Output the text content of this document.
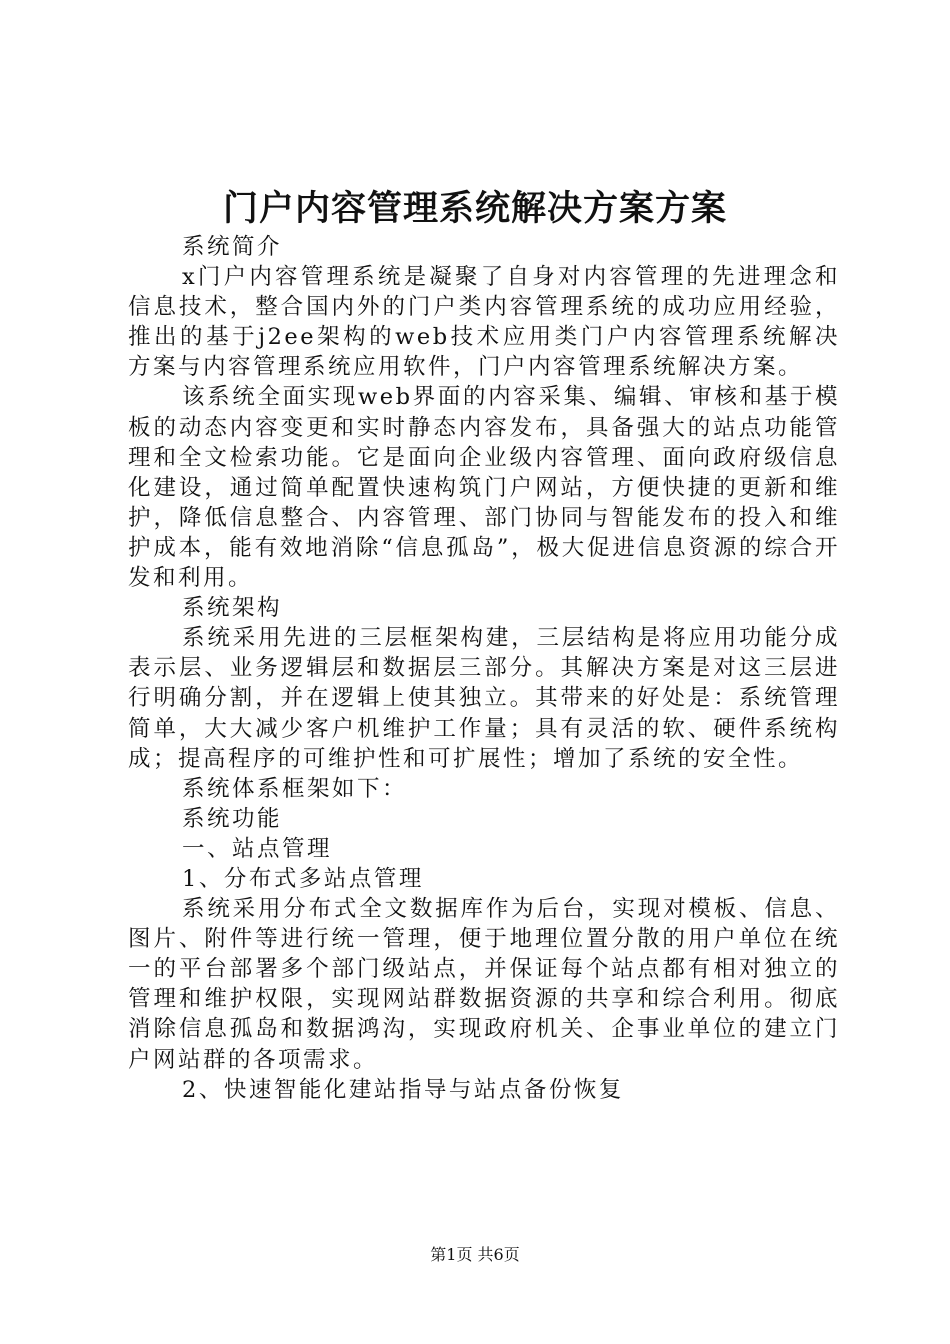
门户内容管理系统解决方案方案

系统简介

x门户内容管理系统是凝聚了自身对内容管理的先进理念和信息技术，整合国内外的门户类内容管理系统的成功应用经验，推出的基于j2ee架构的web技术应用类门户内容管理系统解决方案与内容管理系统应用软件，门户内容管理系统解决方案。

该系统全面实现web界面的内容采集、编辑、审核和基于模板的动态内容变更和实时静态内容发布，具备强大的站点功能管理和全文检索功能。它是面向企业级内容管理、面向政府级信息化建设，通过简单配置快速构筑门户网站，方便快捷的更新和维护，降低信息整合、内容管理、部门协同与智能发布的投入和维护成本，能有效地消除“信息孤岛”，极大促进信息资源的综合开发和利用。

系统架构

系统采用先进的三层框架构建，三层结构是将应用功能分成表示层、业务逻辑层和数据层三部分。其解决方案是对这三层进行明确分割，并在逻辑上使其独立。其带来的好处是：系统管理简单，大大减少客户机维护工作量；具有灵活的软、硬件系统构成；提高程序的可维护性和可扩展性；增加了系统的安全性。

系统体系框架如下：

系统功能

一、站点管理

1、分布式多站点管理

系统采用分布式全文数据库作为后台，实现对模板、信息、图片、附件等进行统一管理，便于地理位置分散的用户单位在统一的平台部署多个部门级站点，并保证每个站点都有相对独立的管理和维护权限，实现网站群数据资源的共享和综合利用。彻底消除信息孤岛和数据鸿沟，实现政府机关、企事业单位的建立门户网站群的各项需求。

2、快速智能化建站指导与站点备份恢复

第1页 共6页
